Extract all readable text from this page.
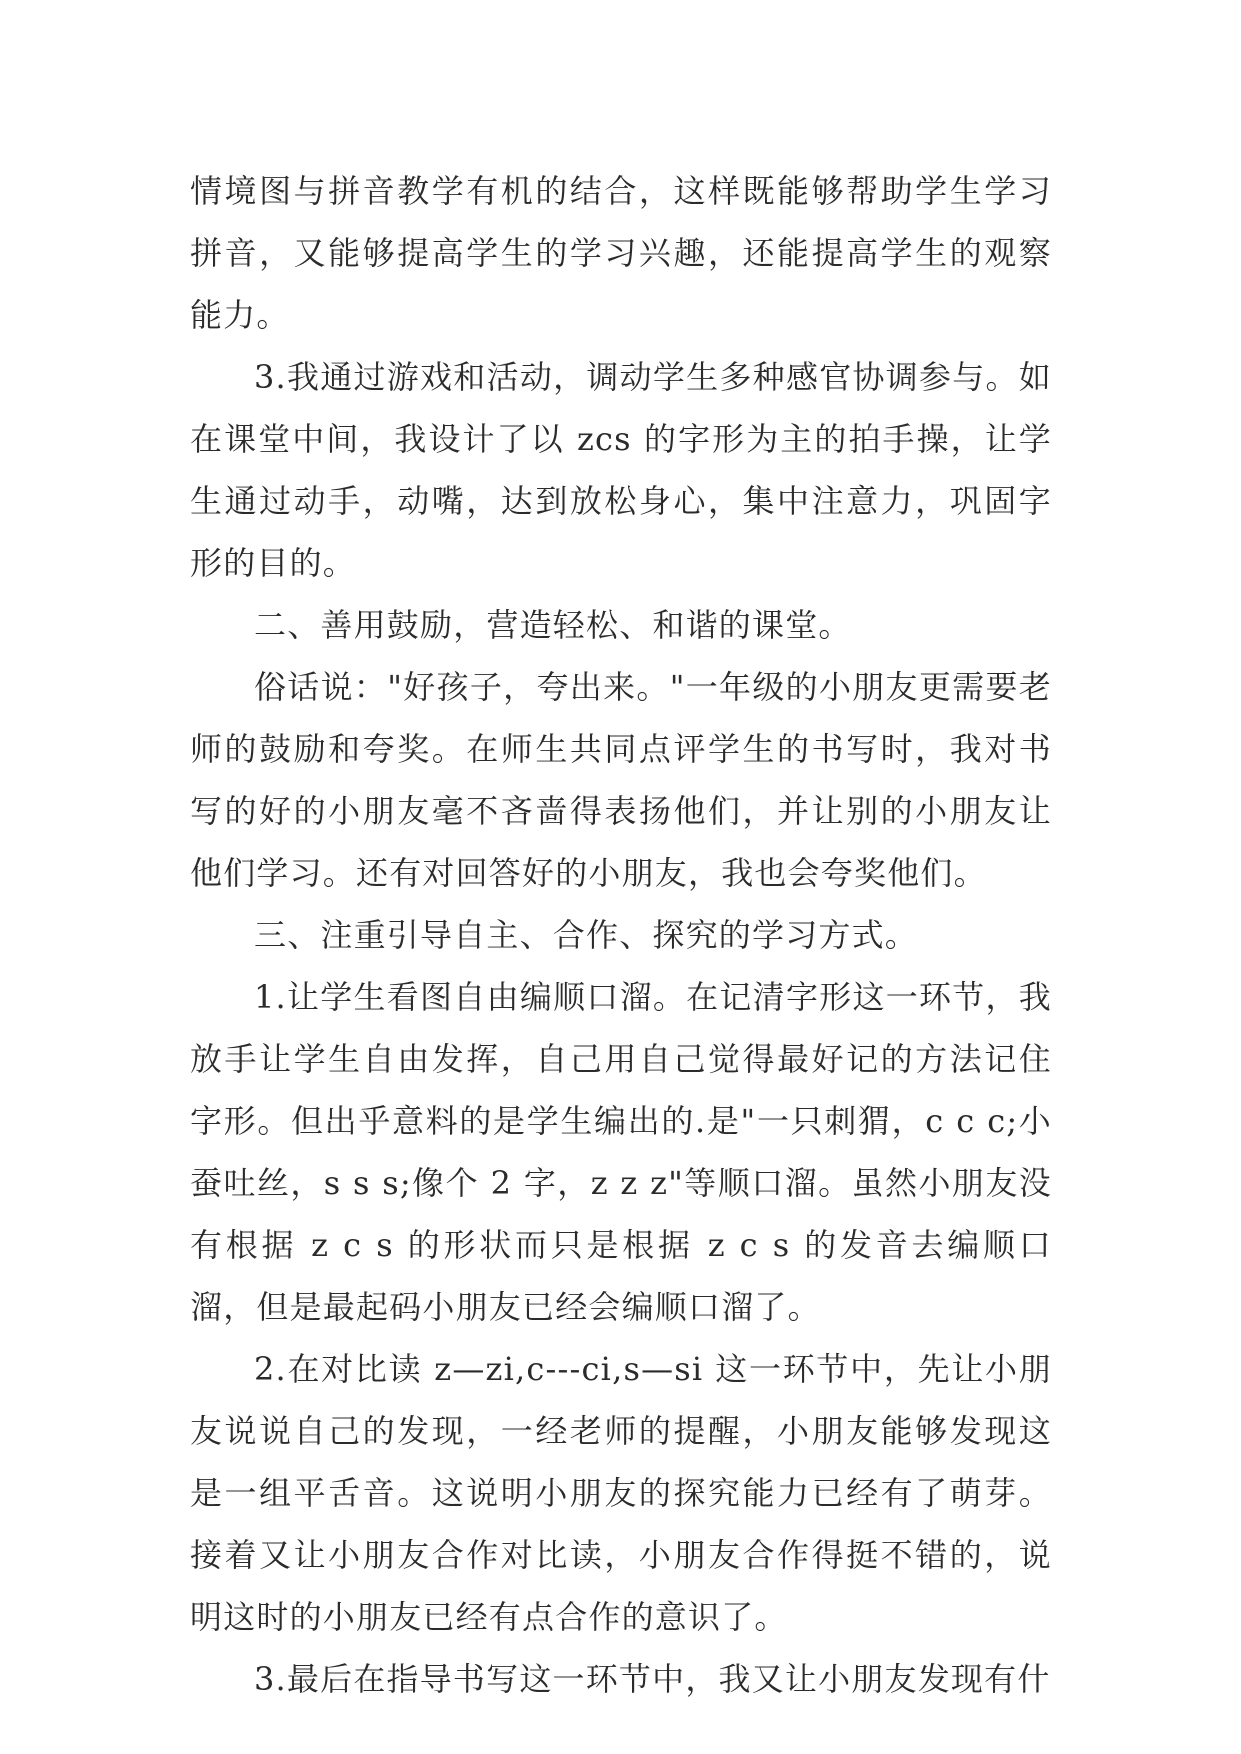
情境图与拼音教学有机的结合，这样既能够帮助学生学习拼音，又能够提高学生的学习兴趣，还能提高学生的观察能力。

3.我通过游戏和活动，调动学生多种感官协调参与。如在课堂中间，我设计了以 zcs 的字形为主的拍手操，让学生通过动手，动嘴，达到放松身心，集中注意力，巩固字形的目的。

二、善用鼓励，营造轻松、和谐的课堂。

俗话说："好孩子，夸出来。"一年级的小朋友更需要老师的鼓励和夸奖。在师生共同点评学生的书写时，我对书写的好的小朋友毫不吝啬得表扬他们，并让别的小朋友让他们学习。还有对回答好的小朋友，我也会夸奖他们。

三、注重引导自主、合作、探究的学习方式。

1.让学生看图自由编顺口溜。在记清字形这一环节，我放手让学生自由发挥，自己用自己觉得最好记的方法记住字形。但出乎意料的是学生编出的.是"一只刺猬，c c c;小蚕吐丝，s s s;像个 2 字，z z z"等顺口溜。虽然小朋友没有根据 z c s 的形状而只是根据 z c s 的发音去编顺口溜，但是最起码小朋友已经会编顺口溜了。

2.在对比读 z—zi,c---ci,s—si 这一环节中，先让小朋友说说自己的发现，一经老师的提醒，小朋友能够发现这是一组平舌音。这说明小朋友的探究能力已经有了萌芽。接着又让小朋友合作对比读，小朋友合作得挺不错的，说明这时的小朋友已经有点合作的意识了。

3.最后在指导书写这一环节中，我又让小朋友发现有什
